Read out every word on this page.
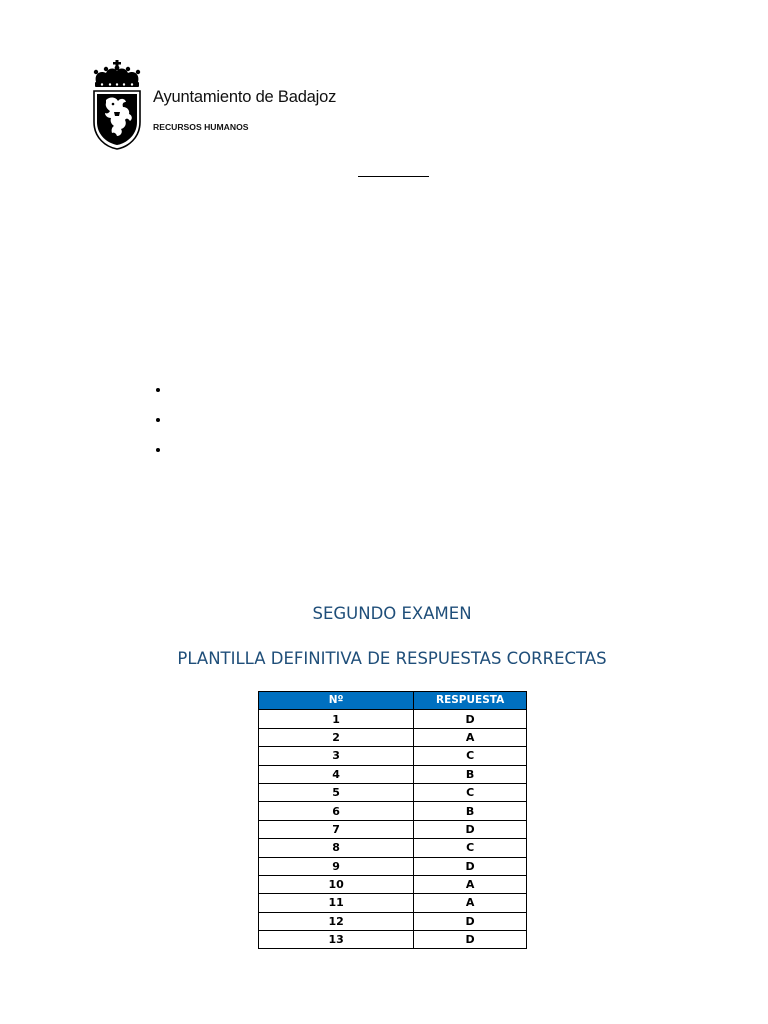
Ayuntamiento de Badajoz
RECURSOS HUMANOS
SEGUNDO EXAMEN
PLANTILLA DEFINITIVA DE RESPUESTAS CORRECTAS
Nº	RESPUESTA
1	D
2	A
3	C
4	B
5	C
6	B
7	D
8	C
9	D
10	A
11	A
12	D
13	D
